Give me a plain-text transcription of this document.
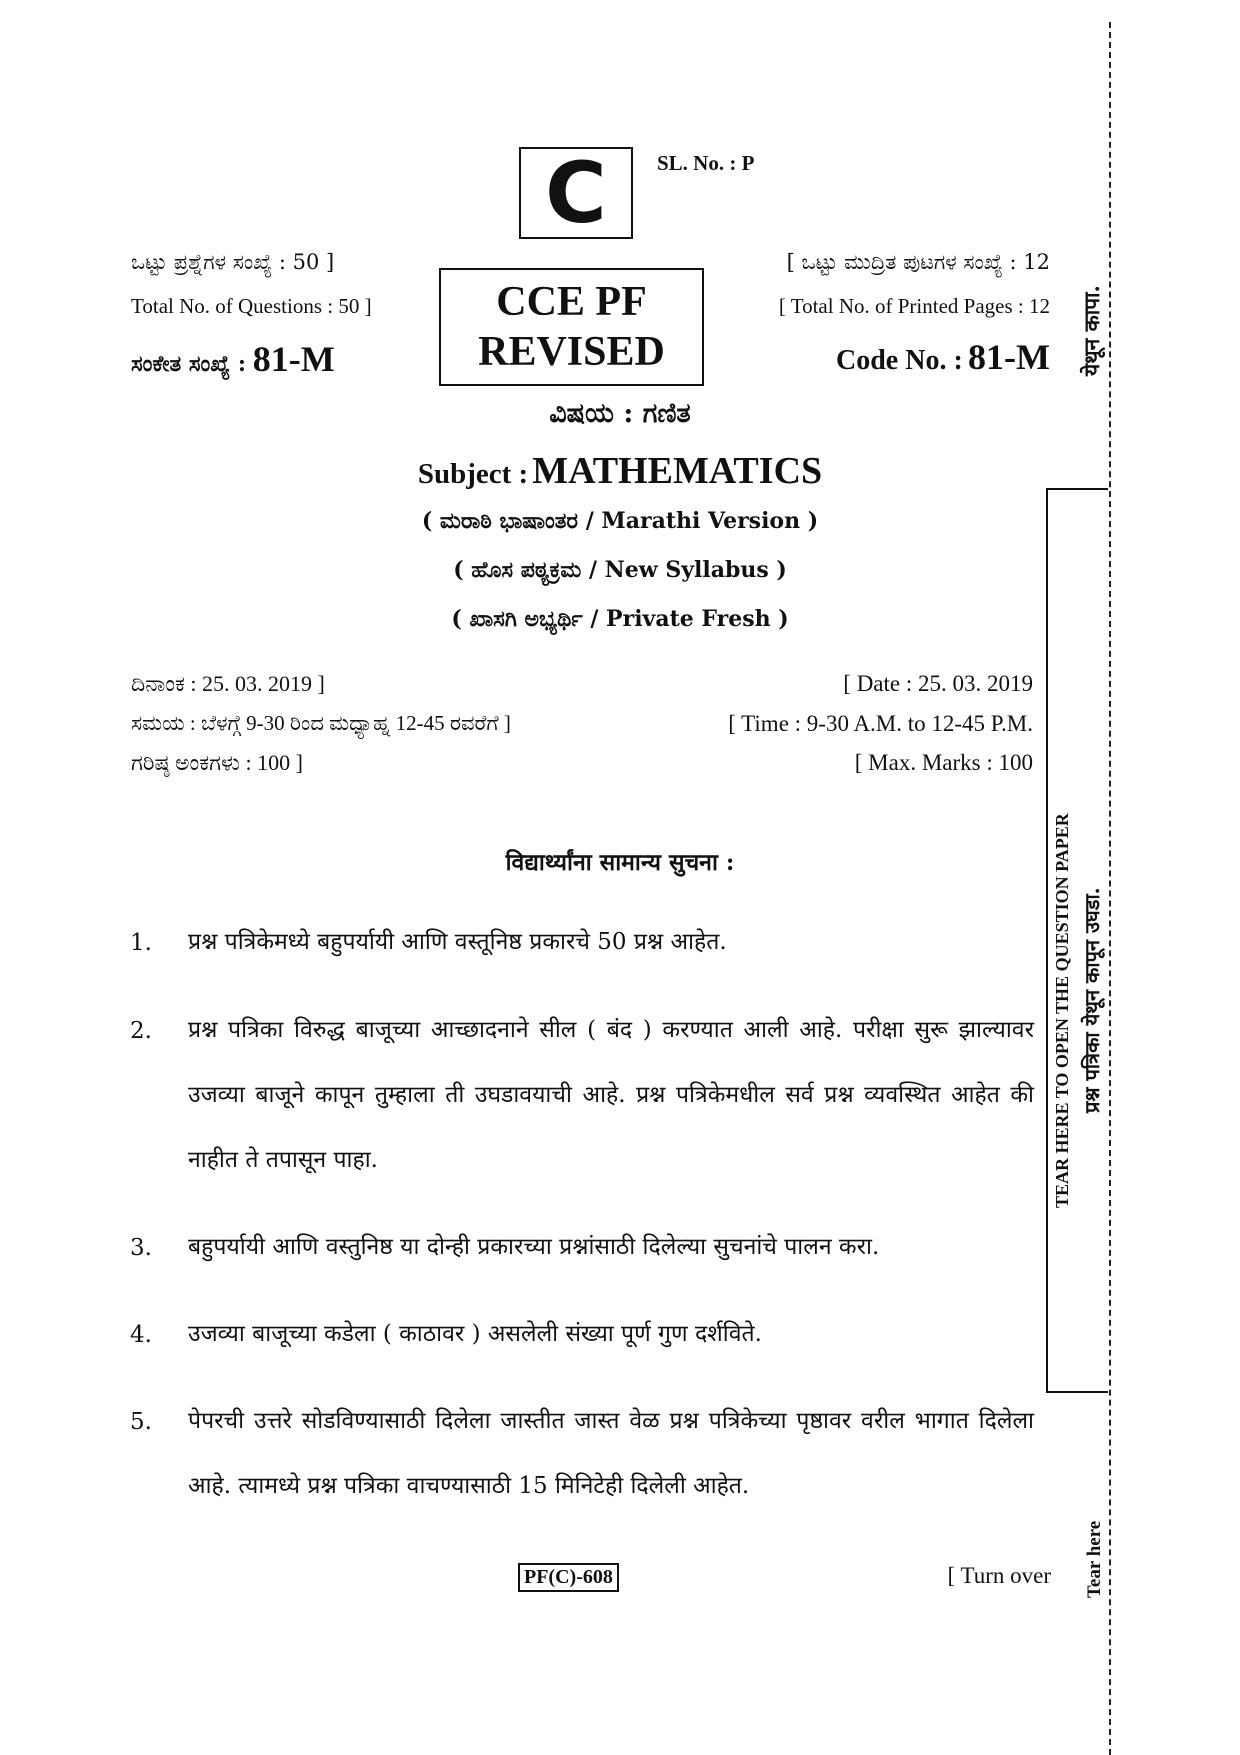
C SL. No. : P
ಒಟ್ಟು ಪ್ರಶ್ನೆಗಳ ಸಂಖ್ಯೆ : 50 ]
Total No. of Questions : 50 ]
ಸಂಕೇತ ಸಂಖ್ಯೆ : 81-M
CCE PF
REVISED
[ ಒಟ್ಟು ಮುದ್ರಿತ ಪುಟಗಳ ಸಂಖ್ಯೆ : 12
[ Total No. of Printed Pages : 12
Code No. : 81-M
ವಿಷಯ : ಗಣಿತ
Subject : MATHEMATICS
( ಮರಾಠಿ ಭಾಷಾಂತರ / Marathi Version )
( ಹೊಸ ಪಠ್ಯಕ್ರಮ / New Syllabus )
( ಖಾಸಗಿ ಅಭ್ಯರ್ಥಿ / Private Fresh )
ದಿನಾಂಕ : 25. 03. 2019 ]
ಸಮಯ : ಬೆಳಗ್ಗೆ 9-30 ರಿಂದ ಮಧ್ಯಾಹ್ನ 12-45 ರವರೆಗೆ ]
ಗರಿಷ್ಠ ಅಂಕಗಳು : 100 ]
[ Date : 25. 03. 2019
[ Time : 9-30 A.M. to 12-45 P.M.
[ Max. Marks : 100
विद्यार्थ्यांना सामान्य सुचना :
1. प्रश्न पत्रिकेमध्ये बहुपर्यायी आणि वस्तूनिष्ठ प्रकारचे 50 प्रश्न आहेत.
2. प्रश्न पत्रिका विरुद्ध बाजूच्या आच्छादनाने सील ( बंद ) करण्यात आली आहे. परीक्षा सुरू झाल्यावर उजव्या बाजूने कापून तुम्हाला ती उघडावयाची आहे. प्रश्न पत्रिकेमधील सर्व प्रश्न व्यवस्थित आहेत की नाहीत ते तपासून पाहा.
3. बहुपर्यायी आणि वस्तुनिष्ठ या दोन्ही प्रकारच्या प्रश्नांसाठी दिलेल्या सुचनांचे पालन करा.
4. उजव्या बाजूच्या कडेला ( काठावर ) असलेली संख्या पूर्ण गुण दर्शविते.
5. पेपरची उत्तरे सोडविण्यासाठी दिलेला जास्तीत जास्त वेळ प्रश्न पत्रिकेच्या पृष्ठावर वरील भागात दिलेला आहे. त्यामध्ये प्रश्न पत्रिका वाचण्यासाठी 15 मिनिटेही दिलेली आहेत.
PF(C)-608	[ Turn over
येथून कापा.
TEAR HERE TO OPEN THE QUESTION PAPER प्रश्न पत्रिका येथून कापून उघडा.
Tear here
